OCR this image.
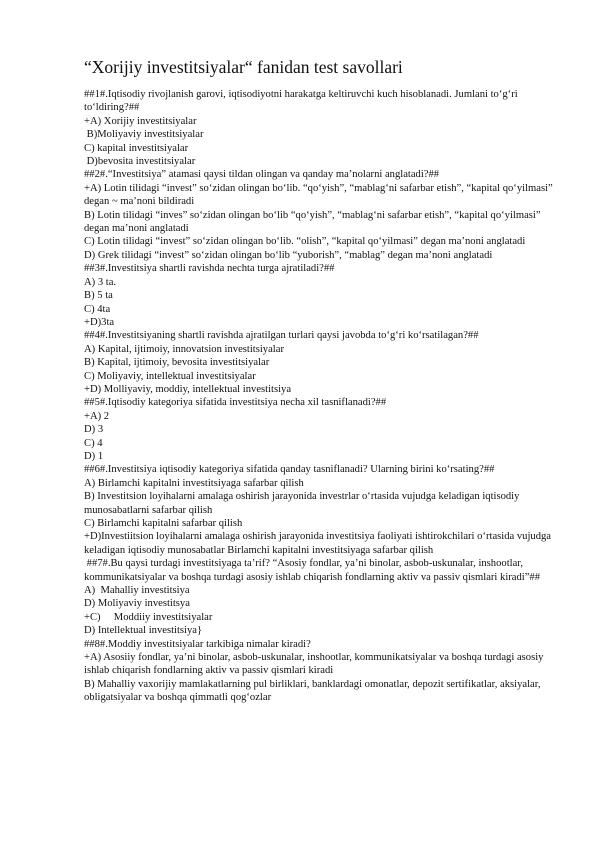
“Xorijiy investitsiyalar“ fanidan test savollari
##1#.Iqtisodiy rivojlanish garovi, iqtisodiyotni harakatga keltiruvchi kuch hisoblanadi. Jumlani to‘g‘ri to‘ldiring?##
+A) Xorijiy investitsiyalar
B)Moliyaviy investitsiyalar
C) kapital investitsiyalar
D)bevosita investitsiyalar
##2#.“Investitsiya” atamasi qaysi tildan olingan va qanday ma’nolarni anglatadi?##
+A) Lotin tilidagi “invest” so‘zidan olingan bo‘lib. “qo‘yish”, “mablag‘ni safarbar etish”, “kapital qo‘yilmasi” degan ~ ma’noni bildiradi
B) Lotin tilidagi “inves” so‘zidan olingan bo‘lib “qo‘yish”, “mablag‘ni safarbar etish”, “kapital qo‘yilmasi” degan ma’noni anglatadi
C) Lotin tilidagi “invest” so‘zidan olingan bo‘lib. “olish”, “kapital qo‘yilmasi” degan ma’noni anglatadi
D) Grek tilidagi “invest” so‘zidan olingan bo‘lib “yuborish”, “mablag” degan ma’noni anglatadi
##3#.Investitsiya shartli ravishda nechta turga ajratiladi?##
A) 3 ta.
B) 5 ta
C) 4ta
+D)3ta
##4#.Investitsiyaning shartli ravishda ajratilgan turlari qaysi javobda to‘g‘ri ko‘rsatilagan?##
A) Kapital, ijtimoiy, innovatsion investitsiyalar
B) Kapital, ijtimoiy, bevosita investitsiyalar
C) Moliyaviy, intellektual investitsiyalar
+D) Molliyaviy, moddiy, intellektual investitsiya
##5#.Iqtisodiy kategoriya sifatida investitsiya necha xil tasniflanadi?##
+A) 2
D) 3
C) 4
D) 1
##6#.Investitsiya iqtisodiy kategoriya sifatida qanday tasniflanadi? Ularning birini ko‘rsating?##
A) Birlamchi kapitalni investitsiyaga safarbar qilish
B) Investitsion loyihalarni amalaga oshirish jarayonida investrlar o‘rtasida vujudga keladigan iqtisodiy munosabatlarni safarbar qilish
C) Birlamchi kapitalni safarbar qilish
+D)Investiitsion loyihalarni amalaga oshirish jarayonida investitsiya faoliyati ishtirokchilari o‘rtasida vujudga keladigan iqtisodiy munosabatlar Birlamchi kapitalni investitsiyaga safarbar qilish
##7#.Bu qaysi turdagi investitsiyaga ta’rif? “Asosiy fondlar, ya’ni binolar, asbob-uskunalar, inshootlar, kommunikatsiyalar va boshqa turdagi asosiy ishlab chiqarish fondlarning aktiv va passiv qismlari kiradi”##
A)  Mahalliy investitsiya
D) Moliyaviy investitsya
+C)     Moddiiy investitsiyalar
D) Intellektual investitsiya}
##8#.Moddiy investitsiyalar tarkibiga nimalar kiradi?
+A) Asosiiy fondlar, ya’ni binolar, asbob-uskunalar, inshootlar, kommunikatsiyalar va boshqa turdagi asosiy ishlab chiqarish fondlarning aktiv va passiv qismlari kiradi
B) Mahalliy vaxorijiy mamlakatlarning pul birliklari, banklardagi omonatlar, depozit sertifikatlar, aksiyalar, obligatsiyalar va boshqa qimmatli qog‘ozlar
